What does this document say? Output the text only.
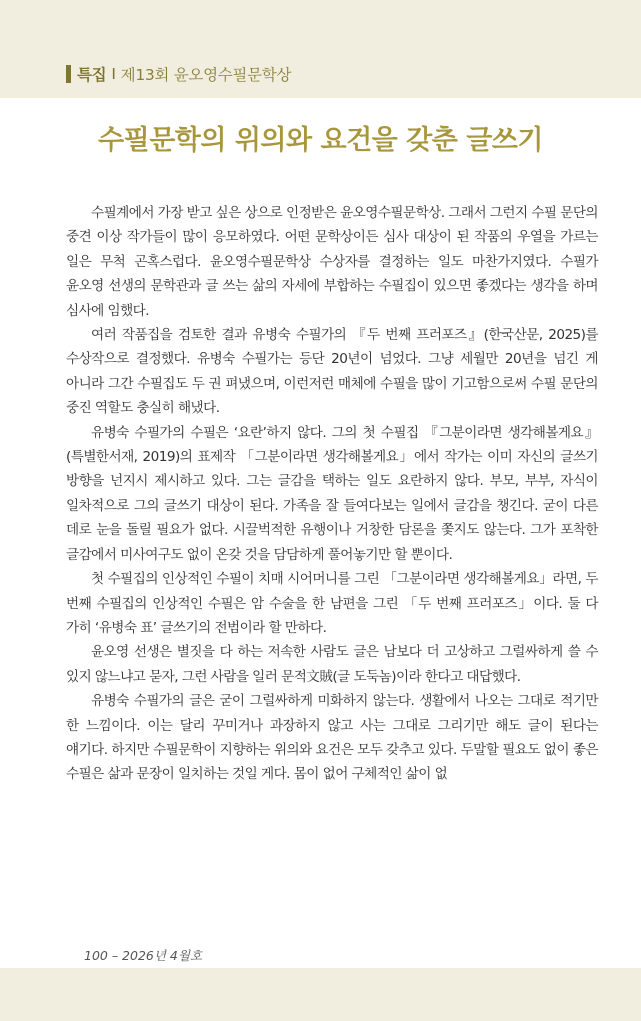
특집 I 제13회 윤오영수필문학상
수필문학의 위의와 요건을 갖춘 글쓰기

수필계에서 가장 받고 싶은 상으로 인정받은 윤오영수필문학상. 그래서 그런지 수필 문단의 중견 이상 작가들이 많이 응모하였다. 어떤 문학상이든 심사 대상이 된 작품의 우열을 가르는 일은 무척 곤혹스럽다. 윤오영수필문학상 수상자를 결정하는 일도 마찬가지였다. 수필가 윤오영 선생의 문학관과 글 쓰는 삶의 자세에 부합하는 수필집이 있으면 좋겠다는 생각을 하며 심사에 임했다.

여러 작품집을 검토한 결과 유병숙 수필가의 『두 번째 프러포즈』(한국산문, 2025)를 수상작으로 결정했다. 유병숙 수필가는 등단 20년이 넘었다. 그냥 세월만 20년을 넘긴 게 아니라 그간 수필집도 두 권 펴냈으며, 이런저런 매체에 수필을 많이 기고함으로써 수필 문단의 중진 역할도 충실히 해냈다.

유병숙 수필가의 수필은 ‘요란’하지 않다. 그의 첫 수필집 『그분이라면 생각해볼게요』(특별한서재, 2019)의 표제작 「그분이라면 생각해볼게요」에서 작가는 이미 자신의 글쓰기 방향을 넌지시 제시하고 있다. 그는 글감을 택하는 일도 요란하지 않다. 부모, 부부, 자식이 일차적으로 그의 글쓰기 대상이 된다. 가족을 잘 들여다보는 일에서 글감을 챙긴다. 굳이 다른 데로 눈을 돌릴 필요가 없다. 시끌벅적한 유행이나 거창한 담론을 쫓지도 않는다. 그가 포착한 글감에서 미사여구도 없이 온갖 것을 담담하게 풀어놓기만 할 뿐이다.

첫 수필집의 인상적인 수필이 치매 시어머니를 그린 「그분이라면 생각해볼게요」라면, 두 번째 수필집의 인상적인 수필은 암 수술을 한 남편을 그린 「두 번째 프러포즈」이다. 둘 다 가히 ‘유병숙 표’ 글쓰기의 전범이라 할 만하다.

윤오영 선생은 별짓을 다 하는 저속한 사람도 글은 남보다 더 고상하고 그럴싸하게 쓸 수 있지 않느냐고 묻자, 그런 사람을 일러 문적文賊(글 도둑놈)이라 한다고 대답했다.

유병숙 수필가의 글은 굳이 그럴싸하게 미화하지 않는다. 생활에서 나오는 그대로 적기만 한 느낌이다. 이는 달리 꾸미거나 과장하지 않고 사는 그대로 그리기만 해도 글이 된다는 얘기다. 하지만 수필문학이 지향하는 위의와 요건은 모두 갖추고 있다. 두말할 필요도 없이 좋은 수필은 삶과 문장이 일치하는 것일 게다. 몸이 없어 구체적인 삶이 없

100 – 2026년 4월호
